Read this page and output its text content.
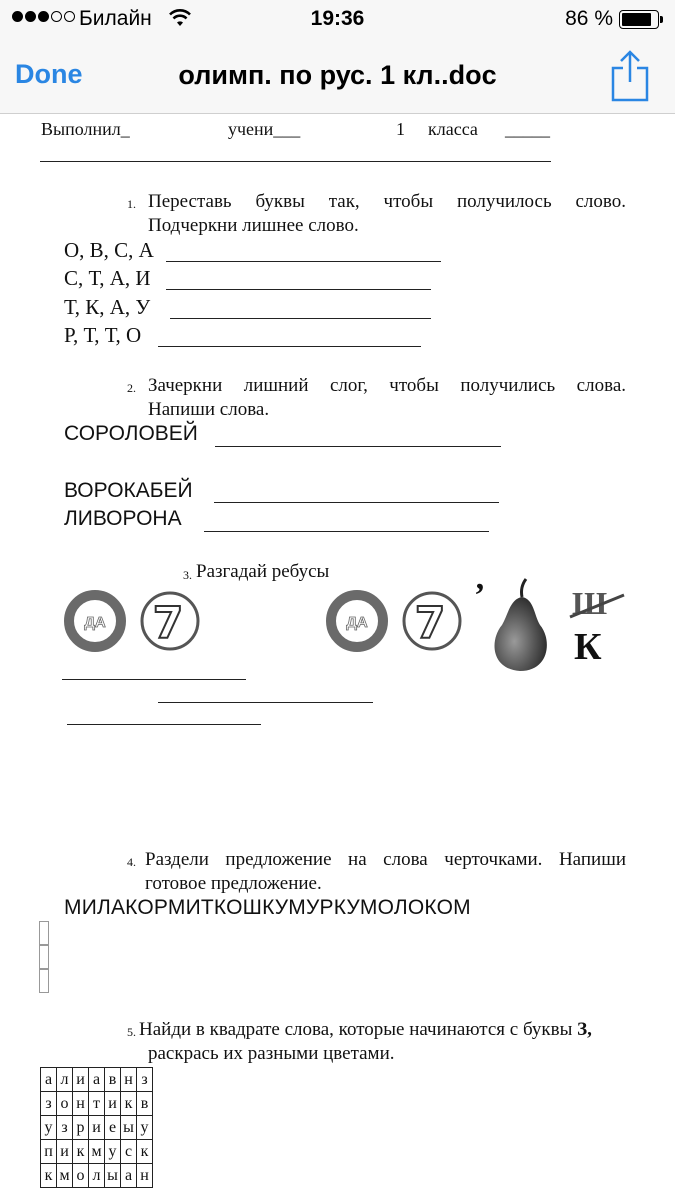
Билайн	19:36	86 %
Done	олимп. по рус. 1 кл..doc
Выполнил_	учени___	1 класса _____
1. Переставь буквы так, чтобы получилось слово.
Подчеркни лишнее слово.
О, В, С, А
С, Т, А, И
Т, К, А, У
Р, Т, Т, О
2. Зачеркни лишний слог, чтобы получились слова.
Напиши слова.
СОРОЛОВЕЙ
ВОРОКАБЕЙ
ЛИВОРОНА
3. Разгадай ребусы
ДА 7	ДА 7
’	Ш
К
4. Раздели предложение на слова черточками. Напиши
готовое предложение.
МИЛАКОРМИТКОШКУМУРКУМОЛОКОМ
5. Найди в квадрате слова, которые начинаются с буквы З,
раскрась их разными цветами.
а	л	и	а	в	н	з
з	о	н	т	и	к	в
у	з	р	и	е	ы	у
п	и	к	м	у	с	к
к	м	о	л	ы	а	н
